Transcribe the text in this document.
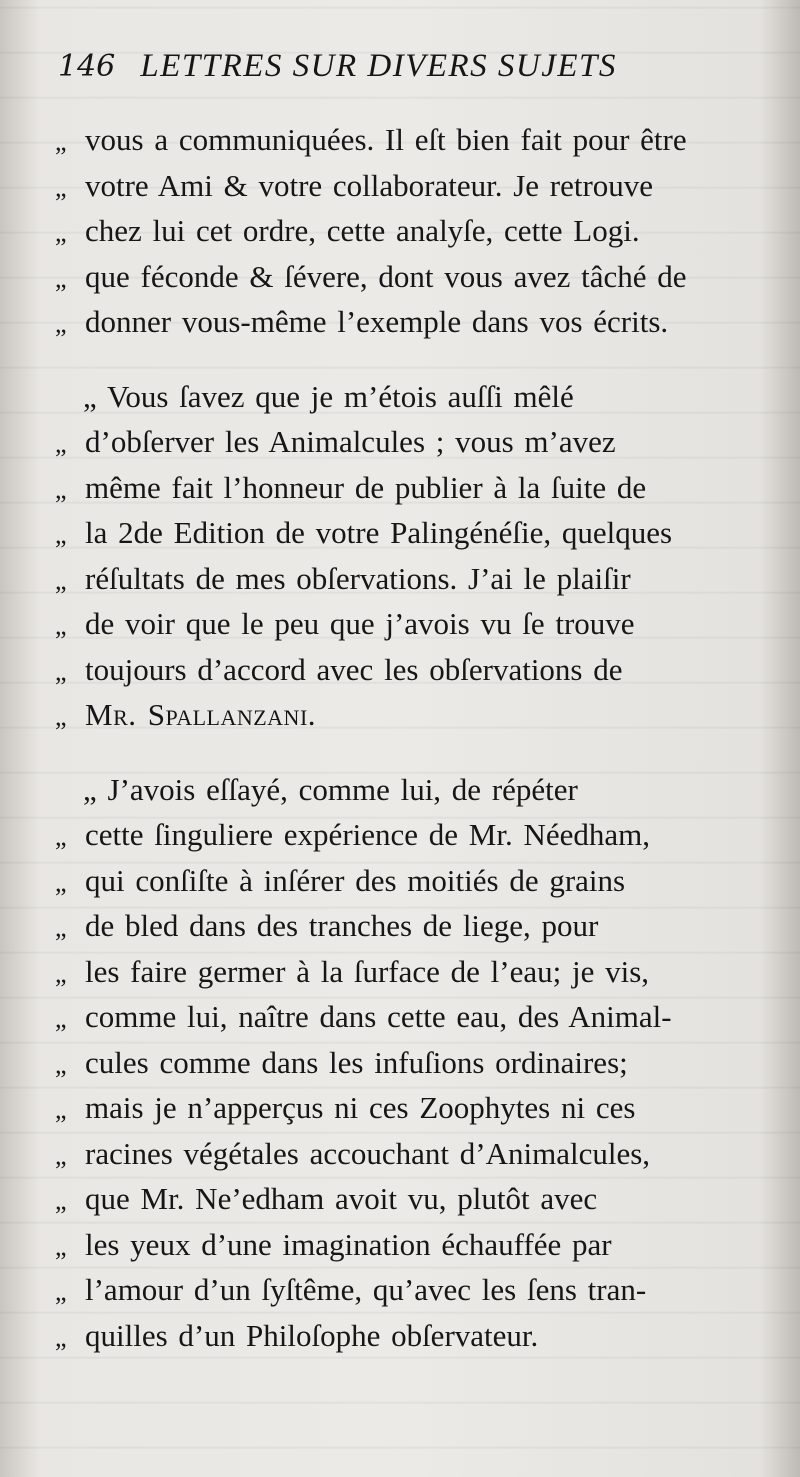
146 LETTRES SUR DIVERS SUJETS
„ vous a communiquées. Il eſt bien fait pour être
„ votre Ami & votre collaborateur. Je retrouve
„ chez lui cet ordre, cette analyſe, cette Logi.
„ que féconde & ſévere, dont vous avez tâché de
„ donner vous-même l’exemple dans vos écrits.
„ Vous ſavez que je m’étois auſſi mêlé
„ d’obſerver les Animalcules ; vous m’avez
„ même fait l’honneur de publier à la ſuite de
„ la 2de Edition de votre Palingénéſie, quelques
„ réſultats de mes obſervations. J’ai le plaiſir
„ de voir que le peu que j’avois vu ſe trouve
„ toujours d’accord avec les obſervations de
„ Mr. Spallanzani.
„ J’avois eſſayé, comme lui, de répéter
„ cette ſinguliere expérience de Mr. Néedham,
„ qui conſiſte à inſérer des moitiés de grains
„ de bled dans des tranches de liege, pour
„ les faire germer à la ſurface de l’eau; je vis,
„ comme lui, naître dans cette eau, des Animal-
„ cules comme dans les infuſions ordinaires;
„ mais je n’apperçus ni ces Zoophytes ni ces
„ racines végétales accouchant d’Animalcules,
„ que Mr. Ne’edham avoit vu, plutôt avec
„ les yeux d’une imagination échauffée par
„ l’amour d’un ſyſtême, qu’avec les ſens tran-
„ quilles d’un Philoſophe obſervateur.
